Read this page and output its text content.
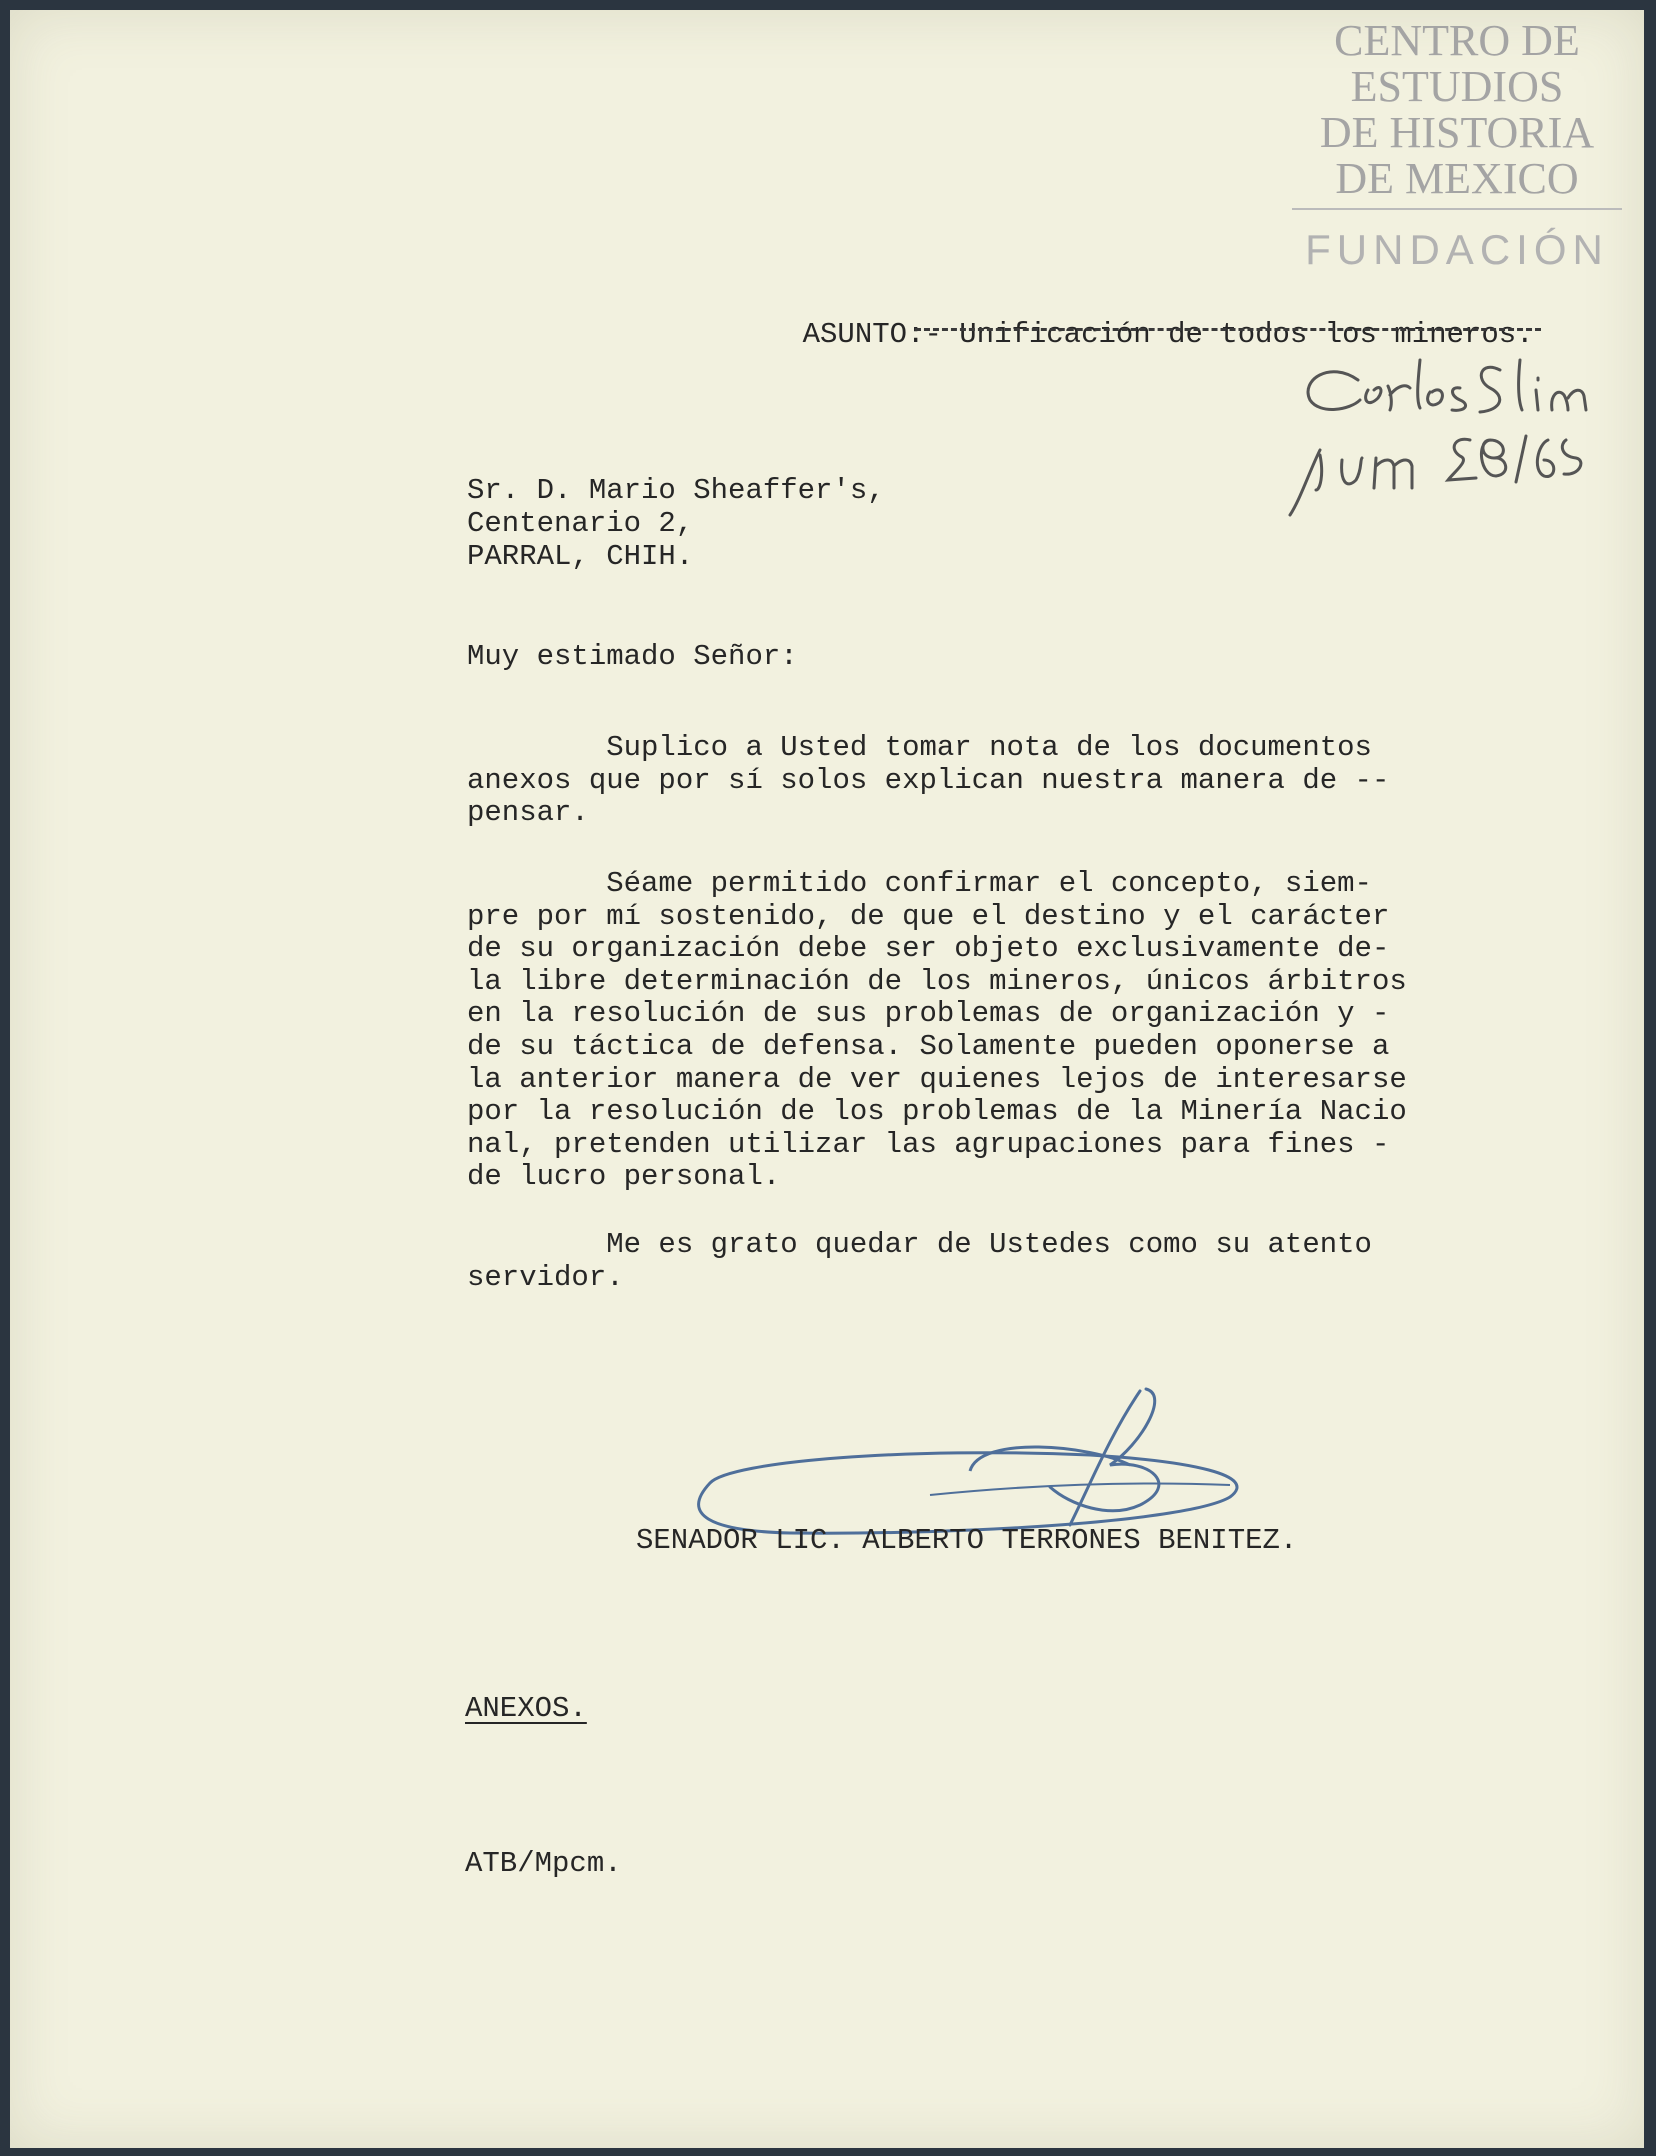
CENTRO DE
ESTUDIOS
DE HISTORIA
DE MEXICO
FUNDACIÓN

ASUNTO:- Unificación de todos los mineros.

Sr. D. Mario Sheaffer's,

Centenario 2,

PARRAL, CHIH.

Muy estimado Señor:

Suplico a Usted tomar nota de los documentos

anexos que por sí solos explican nuestra manera de --

pensar.

Séame permitido confirmar el concepto, siem-

pre por mí sostenido, de que el destino y el carácter

de su organización debe ser objeto exclusivamente de-

la libre determinación de los mineros, únicos árbitros

en la resolución de sus problemas de organización y -

de su táctica de defensa. Solamente pueden oponerse a

la anterior manera de ver quienes lejos de interesarse

por la resolución de los problemas de la Minería Nacio

nal, pretenden utilizar las agrupaciones para fines -

de lucro personal.

Me es grato quedar de Ustedes como su atento

servidor.

SENADOR LIC. ALBERTO TERRONES BENITEZ.
ANEXOS.
ATB/Mpcm.
